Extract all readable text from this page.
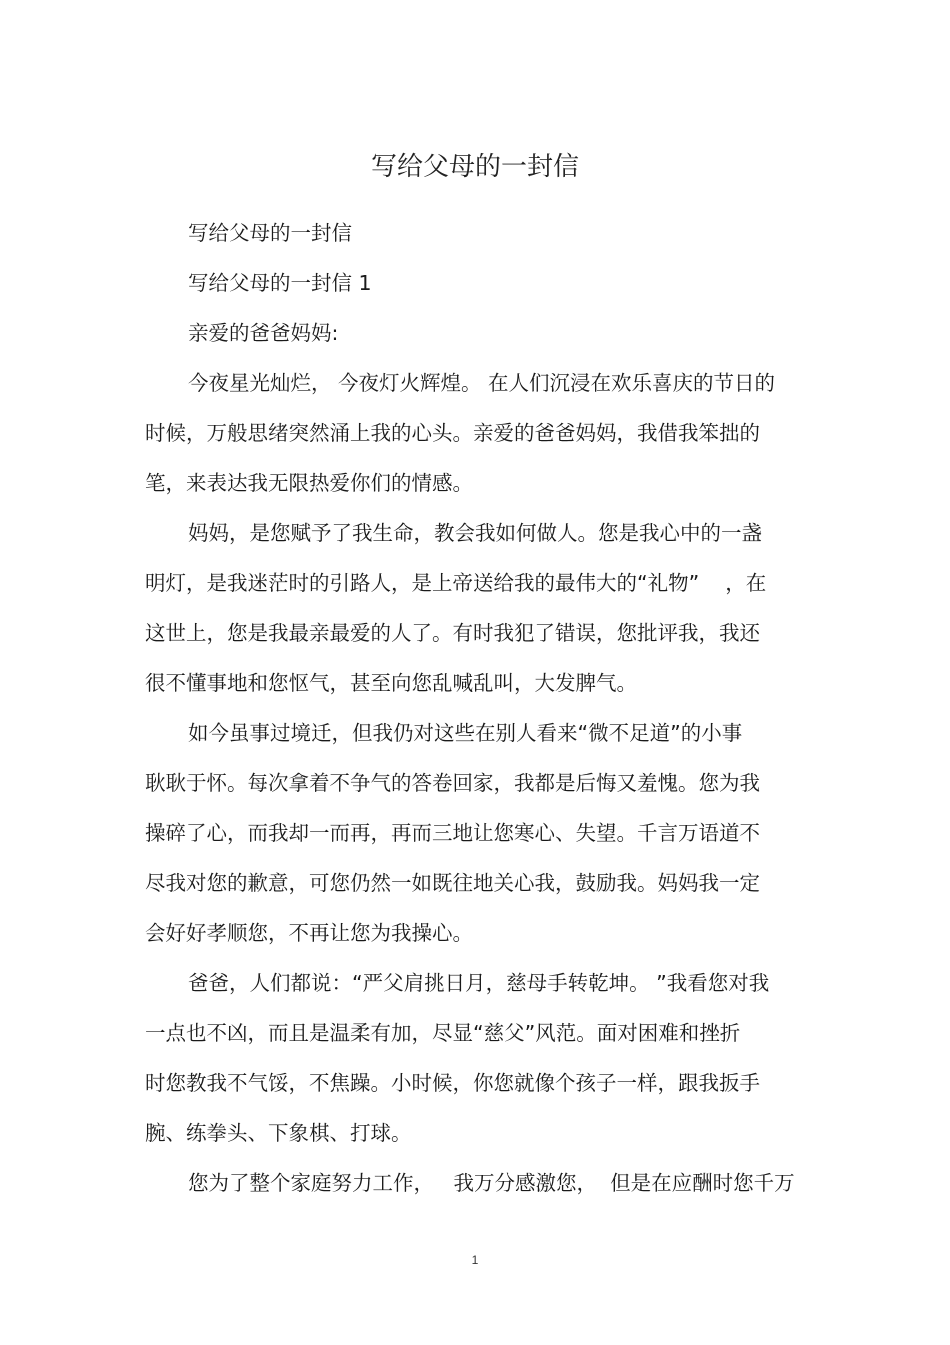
写给父母的一封信
写给父母的一封信
写给父母的一封信 1
亲爱的爸爸妈妈:
今夜星光灿烂， 今夜灯火辉煌。 在人们沉浸在欢乐喜庆的节日的
时候，万般思绪突然涌上我的心头。亲爱的爸爸妈妈，我借我笨拙的
笔，来表达我无限热爱你们的情感。
妈妈，是您赋予了我生命，教会我如何做人。您是我心中的一盏
明灯，是我迷茫时的引路人，是上帝送给我的最伟大的“礼物”    ，在
这世上，您是我最亲最爱的人了。有时我犯了错误，您批评我，我还
很不懂事地和您怄气，甚至向您乱喊乱叫，大发脾气。
如今虽事过境迁，但我仍对这些在别人看来“微不足道”的小事
耿耿于怀。每次拿着不争气的答卷回家，我都是后悔又羞愧。您为我
操碎了心，而我却一而再，再而三地让您寒心、失望。千言万语道不
尽我对您的歉意，可您仍然一如既往地关心我，鼓励我。妈妈我一定
会好好孝顺您，不再让您为我操心。
爸爸，人们都说：“严父肩挑日月，慈母手转乾坤。 ”我看您对我
一点也不凶，而且是温柔有加，尽显“慈父”风范。面对困难和挫折
时您教我不气馁，不焦躁。小时候，你您就像个孩子一样，跟我扳手
腕、练拳头、下象棋、打球。
您为了整个家庭努力工作，   我万分感激您，  但是在应酬时您千万
1
